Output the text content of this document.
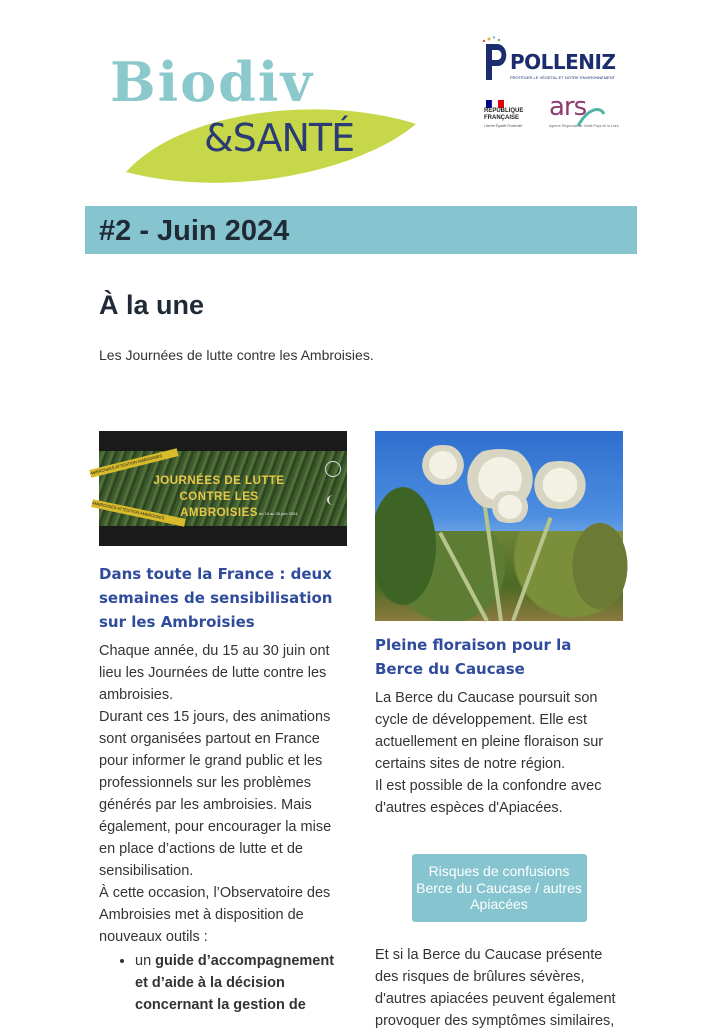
Biodiv
&SANTÉ
POLLENIZ
PROTÉGER LE VÉGÉTAL ET NOTRE ENVIRONNEMENT
RÉPUBLIQUE
FRANÇAISE
Liberté Égalité Fraternité
ars
Agence Régionale de Santé Pays de la Loire
#2 - Juin 2024
À la une
Les Journées de lutte contre les Ambroisies.
AMBROISIES ATTENTION AMBROISIES
AMBROISIES ATTENTION AMBROISIES
JOURNÉES DE LUTTE
CONTRE LES AMBROISIES du 15 au 30 juin 2024
Dans toute la France : deux semaines de sensibilisation sur les Ambroisies

Chaque année, du 15 au 30 juin ont lieu les Journées de lutte contre les ambroisies.

Durant ces 15 jours, des animations sont organisées partout en France pour informer le grand public et les professionnels sur les problèmes générés par les ambroisies. Mais également, pour encourager la mise en place d’actions de lutte et de sensibilisation.

À cette occasion, l’Observatoire des Ambroisies met à disposition de nouveaux outils :

• un guide d’accompagnement et d’aide à la décision concernant la gestion de
Pleine floraison pour la Berce du Caucase

La Berce du Caucase poursuit son cycle de développement. Elle est actuellement en pleine floraison sur certains sites de notre région.

Il est possible de la confondre avec d'autres espèces d'Apiacées.

Risques de confusions Berce du Caucase / autres Apiacées

Et si la Berce du Caucase présente des risques de brûlures sévères, d'autres apiacées peuvent également provoquer des symptômes similaires,
